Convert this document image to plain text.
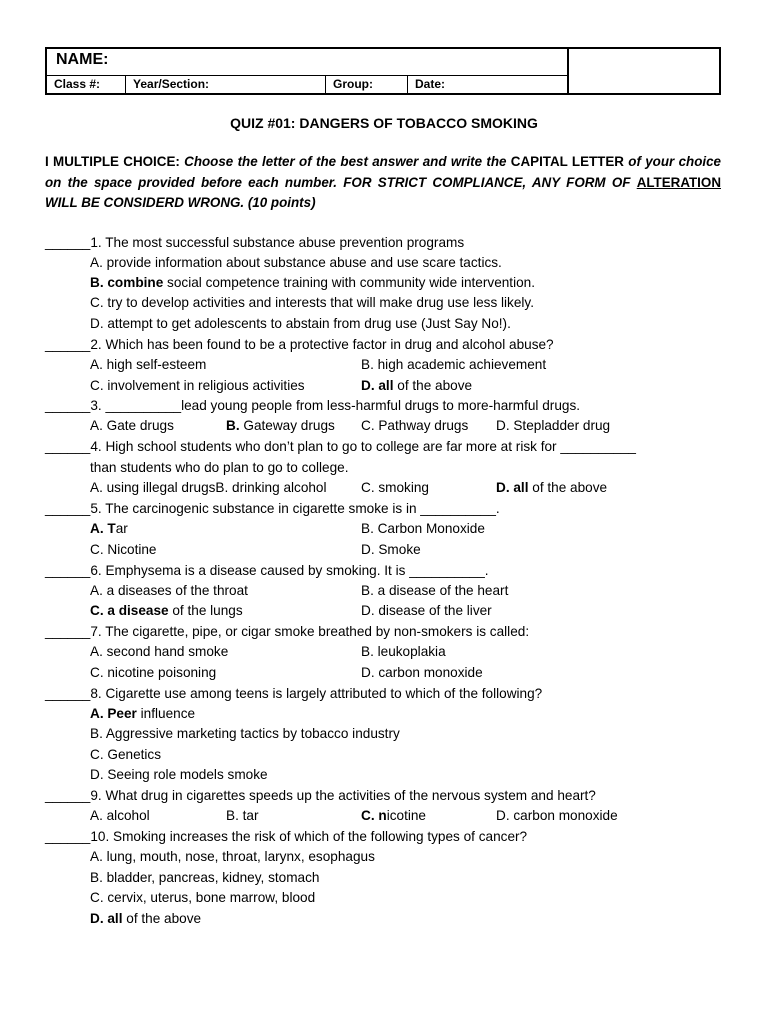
NAME:
Class #:	Year/Section:	Group:	Date:
QUIZ #01: DANGERS OF TOBACCO SMOKING
I MULTIPLE CHOICE: Choose the letter of the best answer and write the CAPITAL LETTER of your choice on the space provided before each number. FOR STRICT COMPLIANCE, ANY FORM OF ALTERATION WILL BE CONSIDERD WRONG. (10 points)
______1. The most successful substance abuse prevention programs
A. provide information about substance abuse and use scare tactics.
B. combine social competence training with community wide intervention.
C. try to develop activities and interests that will make drug use less likely.
D. attempt to get adolescents to abstain from drug use (Just Say No!).
______2. Which has been found to be a protective factor in drug and alcohol abuse?
A. high self-esteem	B. high academic achievement
C. involvement in religious activities	D. all of the above
______3. __________lead young people from less-harmful drugs to more-harmful drugs.
A. Gate drugs	B. Gateway drugs C. Pathway drugs D. Stepladder drug
______4. High school students who don’t plan to go to college are far more at risk for __________
than students who do plan to go to college.
A. using illegal drugsB. drinking alcohol	C. smoking	D. all of the above
______5. The carcinogenic substance in cigarette smoke is in __________.
A. Tar	B. Carbon Monoxide
C. Nicotine	D. Smoke
______6. Emphysema is a disease caused by smoking. It is __________.
A. a diseases of the throat	B. a disease of the heart
C. a disease of the lungs	D. disease of the liver
______7. The cigarette, pipe, or cigar smoke breathed by non-smokers is called:
A. second hand smoke	B. leukoplakia
C. nicotine poisoning	D. carbon monoxide
______8. Cigarette use among teens is largely attributed to which of the following?
A. Peer influence
B. Aggressive marketing tactics by tobacco industry
C. Genetics
D. Seeing role models smoke
______9. What drug in cigarettes speeds up the activities of the nervous system and heart?
A. alcohol	B. tar	C. nicotine	D. carbon monoxide
______10. Smoking increases the risk of which of the following types of cancer?
A. lung, mouth, nose, throat, larynx, esophagus
B. bladder, pancreas, kidney, stomach
C. cervix, uterus, bone marrow, blood
D. all of the above
